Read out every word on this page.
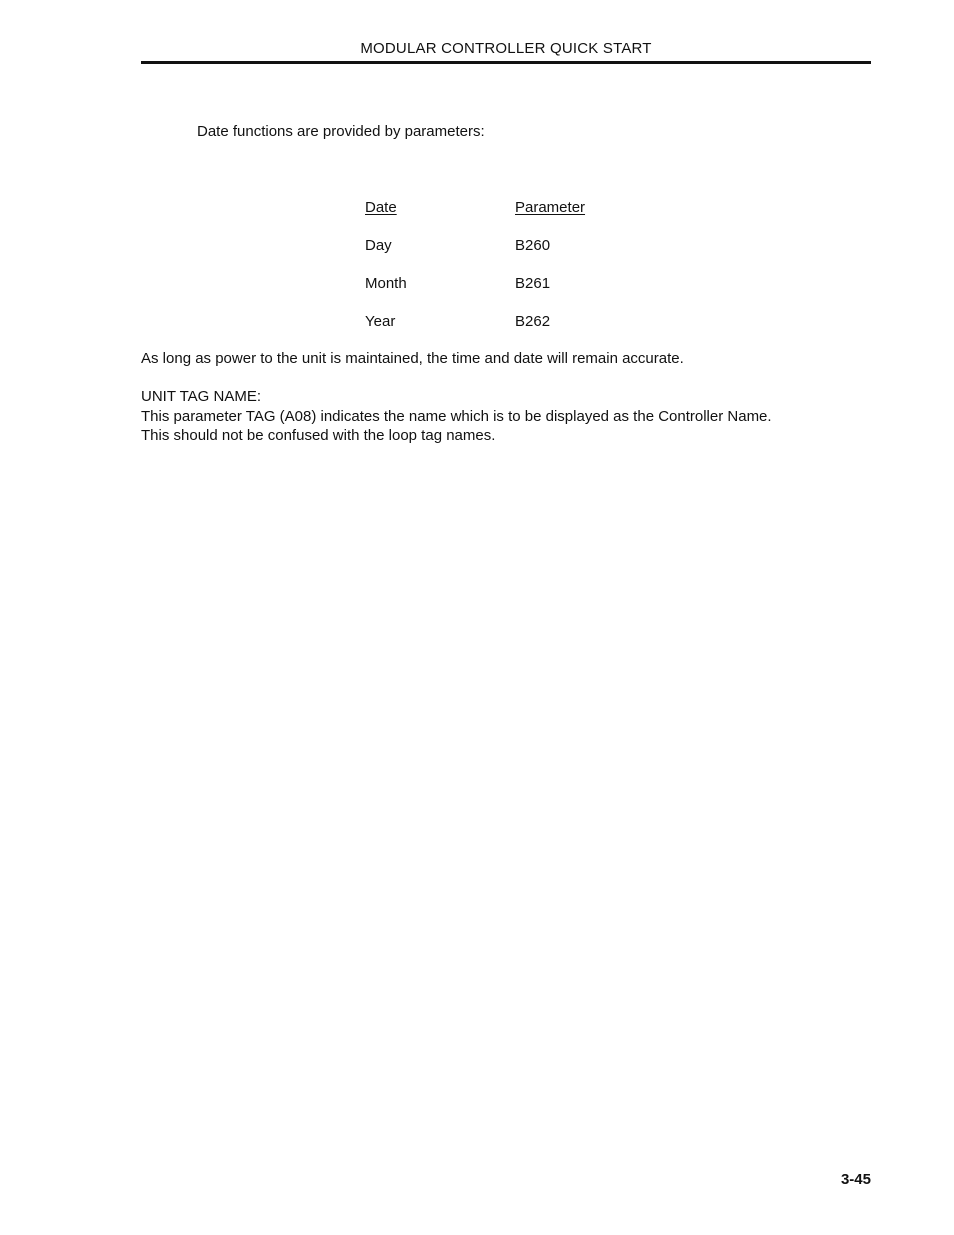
MODULAR CONTROLLER QUICK START
Date functions are provided by parameters:
Date	Parameter
Day	B260
Month	B261
Year	B262
As long as power to the unit is maintained, the time and date will remain accurate.
UNIT TAG NAME:
This parameter TAG (A08) indicates the name which is to be displayed as the Controller Name.
This should not be confused with the loop tag names.
3-45
